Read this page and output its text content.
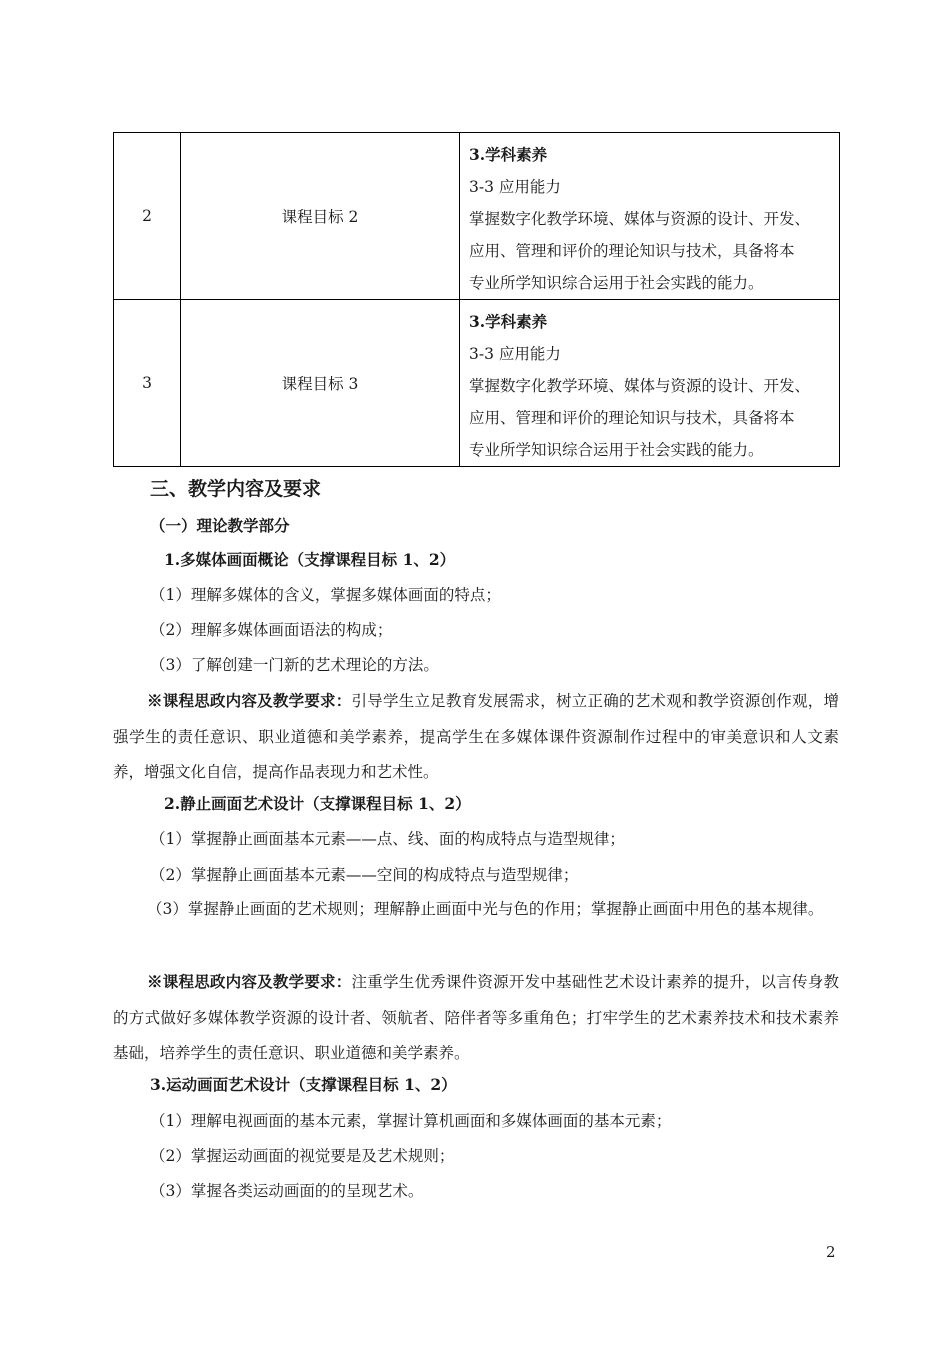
2	课程目标 2	3.学科素养
3-3 应用能力
掌握数字化教学环境、媒体与资源的设计、开发、
应用、管理和评价的理论知识与技术，具备将本
专业所学知识综合运用于社会实践的能力。

3	课程目标 3	3.学科素养
3-3 应用能力
掌握数字化教学环境、媒体与资源的设计、开发、
应用、管理和评价的理论知识与技术，具备将本
专业所学知识综合运用于社会实践的能力。
三、教学内容及要求
（一）理论教学部分
1.多媒体画面概论（支撑课程目标 1、2）
（1）理解多媒体的含义，掌握多媒体画面的特点；
（2）理解多媒体画面语法的构成；
（3）了解创建一门新的艺术理论的方法。
※课程思政内容及教学要求：引导学生立足教育发展需求，树立正确的艺术观和教学资源创作观，增强学生的责任意识、职业道德和美学素养，提高学生在多媒体课件资源制作过程中的审美意识和人文素养，增强文化自信，提高作品表现力和艺术性。
2.静止画面艺术设计（支撑课程目标 1、2）
（1）掌握静止画面基本元素——点、线、面的构成特点与造型规律；
（2）掌握静止画面基本元素——空间的构成特点与造型规律；
（3）掌握静止画面的艺术规则；理解静止画面中光与色的作用；掌握静止画面中用色的基本规律。
※课程思政内容及教学要求：注重学生优秀课件资源开发中基础性艺术设计素养的提升，以言传身教的方式做好多媒体教学资源的设计者、领航者、陪伴者等多重角色；打牢学生的艺术素养技术和技术素养基础，培养学生的责任意识、职业道德和美学素养。
3.运动画面艺术设计（支撑课程目标 1、2）
（1）理解电视画面的基本元素，掌握计算机画面和多媒体画面的基本元素；
（2）掌握运动画面的视觉要是及艺术规则；
（3）掌握各类运动画面的的呈现艺术。
2
